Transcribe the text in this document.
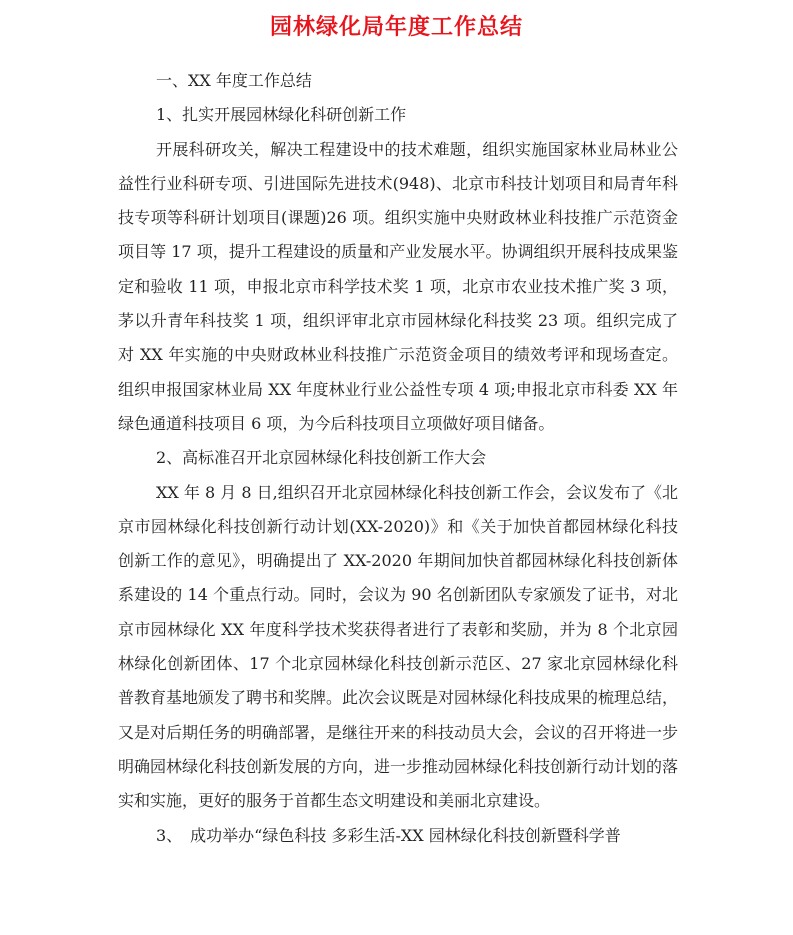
园林绿化局年度工作总结

一、XX 年度工作总结

1、扎实开展园林绿化科研创新工作

开展科研攻关，解决工程建设中的技术难题，组织实施国家林业局林业公益性行业科研专项、引进国际先进技术(948)、北京市科技计划项目和局青年科技专项等科研计划项目(课题)26 项。组织实施中央财政林业科技推广示范资金项目等 17 项，提升工程建设的质量和产业发展水平。协调组织开展科技成果鉴定和验收 11 项，申报北京市科学技术奖 1 项，北京市农业技术推广奖 3 项，茅以升青年科技奖 1 项，组织评审北京市园林绿化科技奖 23 项。组织完成了对 XX 年实施的中央财政林业科技推广示范资金项目的绩效考评和现场查定。组织申报国家林业局 XX 年度林业行业公益性专项 4 项;申报北京市科委 XX 年绿色通道科技项目 6 项，为今后科技项目立项做好项目储备。

2、高标准召开北京园林绿化科技创新工作大会

XX 年 8 月 8 日,组织召开北京园林绿化科技创新工作会，会议发布了《北京市园林绿化科技创新行动计划(XX-2020)》和《关于加快首都园林绿化科技创新工作的意见》，明确提出了 XX-2020 年期间加快首都园林绿化科技创新体系建设的 14 个重点行动。同时，会议为 90 名创新团队专家颁发了证书，对北京市园林绿化 XX 年度科学技术奖获得者进行了表彰和奖励，并为 8 个北京园林绿化创新团体、17 个北京园林绿化科技创新示范区、27 家北京园林绿化科普教育基地颁发了聘书和奖牌。此次会议既是对园林绿化科技成果的梳理总结，又是对后期任务的明确部署，是继往开来的科技动员大会，会议的召开将进一步明确园林绿化科技创新发展的方向，进一步推动园林绿化科技创新行动计划的落实和实施，更好的服务于首都生态文明建设和美丽北京建设。

3、　成功举办“绿色科技 多彩生活-XX 园林绿化科技创新暨科学普
